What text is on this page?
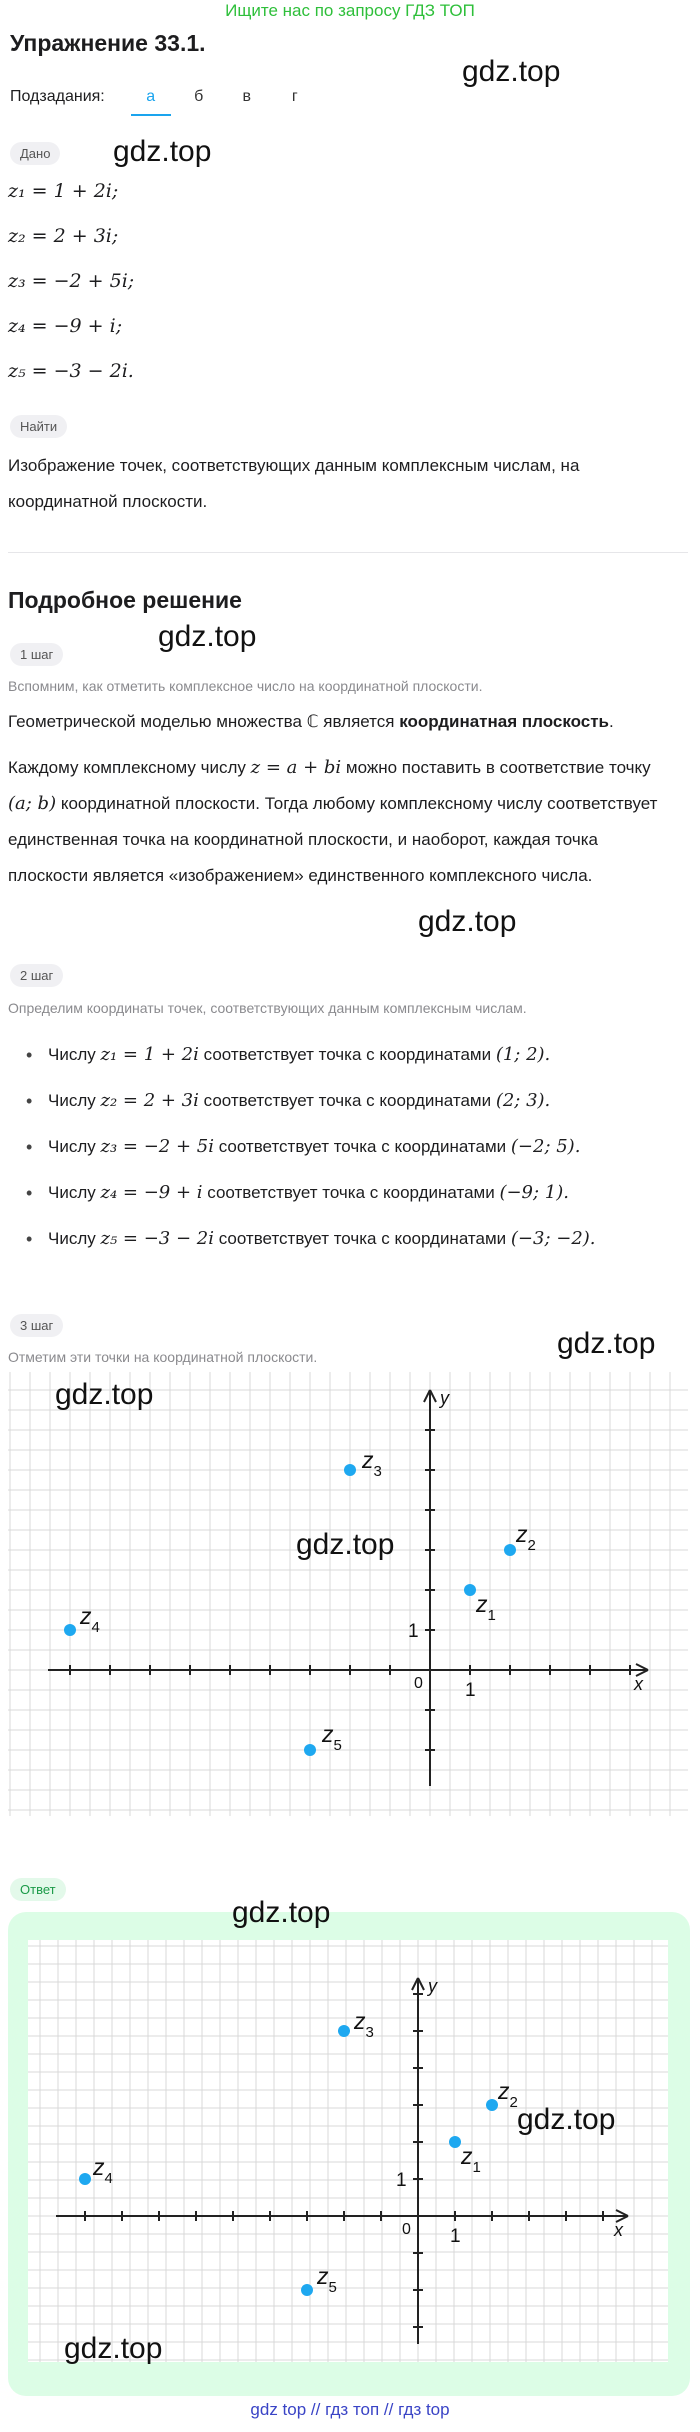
Ищите нас по запросу ГДЗ ТОП
Упражнение 33.1.
gdz.top
Подзадания:	а	б	в	г
Дано	gdz.top
z₁ = 1 + 2i;
z₂ = 2 + 3i;
z₃ = −2 + 5i;
z₄ = −9 + i;
z₅ = −3 − 2i.
Найти
Изображение точек, соответствующих данным комплексным числам, на координатной плоскости.
Подробное решение
1 шаг
gdz.top
Вспомним, как отметить комплексное число на координатной плоскости.
Геометрической моделью множества ℂ является координатная плоскость.
Каждому комплексному числу z = a + bi можно поставить в соответствие точку (a; b) координатной плоскости. Тогда любому комплексному числу соответствует единственная точка на координатной плоскости, и наоборот, каждая точка плоскости является «изображением» единственного комплексного числа.
gdz.top
2 шаг
Определим координаты точек, соответствующих данным комплексным числам.
• Числу z₁ = 1 + 2i соответствует точка с координатами (1; 2).
• Числу z₂ = 2 + 3i соответствует точка с координатами (2; 3).
• Числу z₃ = −2 + 5i соответствует точка с координатами (−2; 5).
• Числу z₄ = −9 + i соответствует точка с координатами (−9; 1).
• Числу z₅ = −3 − 2i соответствует точка с координатами (−3; −2).
3 шаг
Отметим эти точки на координатной плоскости.	gdz.top
x
y
0 1
1
$z_1$
$z_2$
$z_3$
$z_4$
$z_5$
gdz.top
gdz.top
Ответ
x
y
0 1
1
$z_1$
$z_2$
$z_3$
$z_4$
$z_5$
gdz.top
gdz.top
gdz.top
gdz top // гдз топ // гдз top
